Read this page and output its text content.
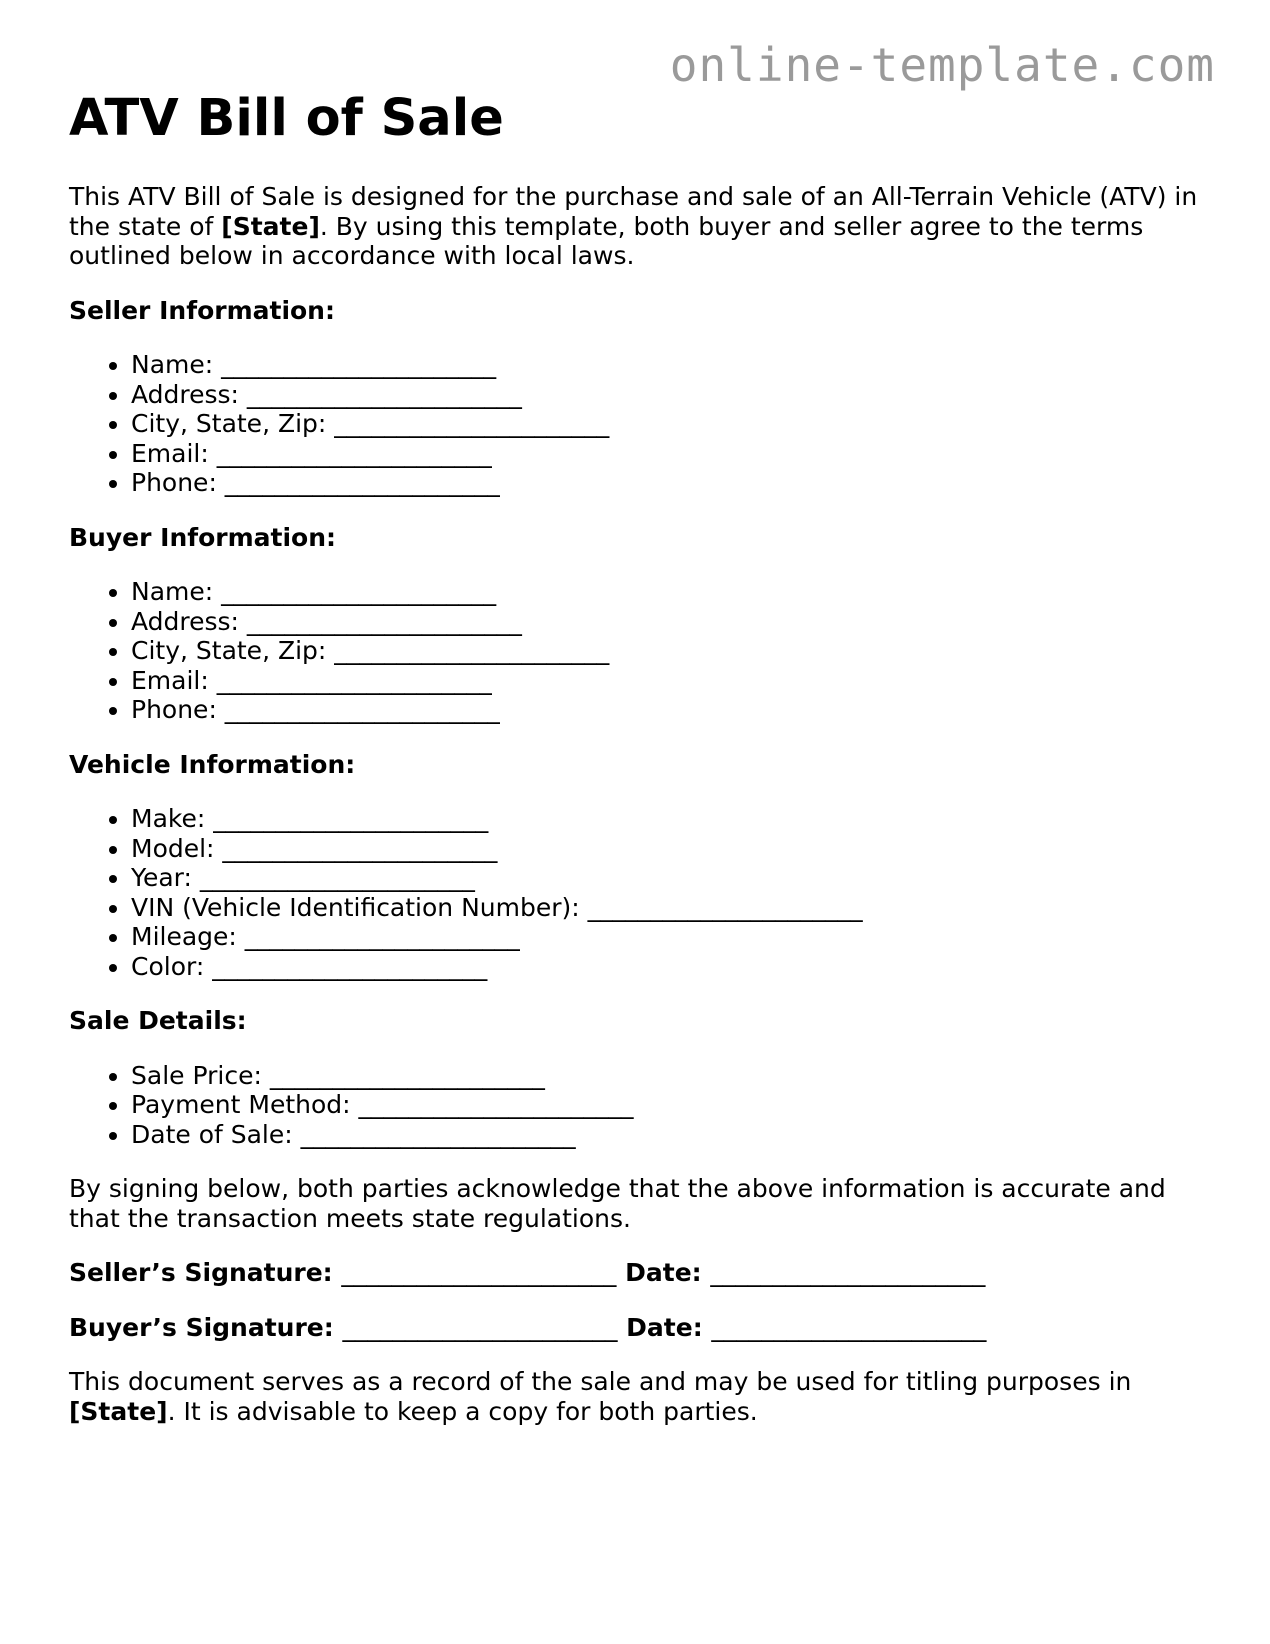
online-template.com
ATV Bill of Sale

This ATV Bill of Sale is designed for the purchase and sale of an All-Terrain Vehicle (ATV) in the state of [State]. By using this template, both buyer and seller agree to the terms outlined below in accordance with local laws.

Seller Information:

• Name: ______________________
• Address: ______________________
• City, State, Zip: ______________________
• Email: ______________________
• Phone: ______________________

Buyer Information:

• Name: ______________________
• Address: ______________________
• City, State, Zip: ______________________
• Email: ______________________
• Phone: ______________________

Vehicle Information:

• Make: ______________________
• Model: ______________________
• Year: ______________________
• VIN (Vehicle Identification Number): ______________________
• Mileage: ______________________
• Color: ______________________

Sale Details:

• Sale Price: ______________________
• Payment Method: ______________________
• Date of Sale: ______________________

By signing below, both parties acknowledge that the above information is accurate and that the transaction meets state regulations.

Seller’s Signature: ______________________ Date: ______________________

Buyer’s Signature: ______________________ Date: ______________________

This document serves as a record of the sale and may be used for titling purposes in [State]. It is advisable to keep a copy for both parties.
